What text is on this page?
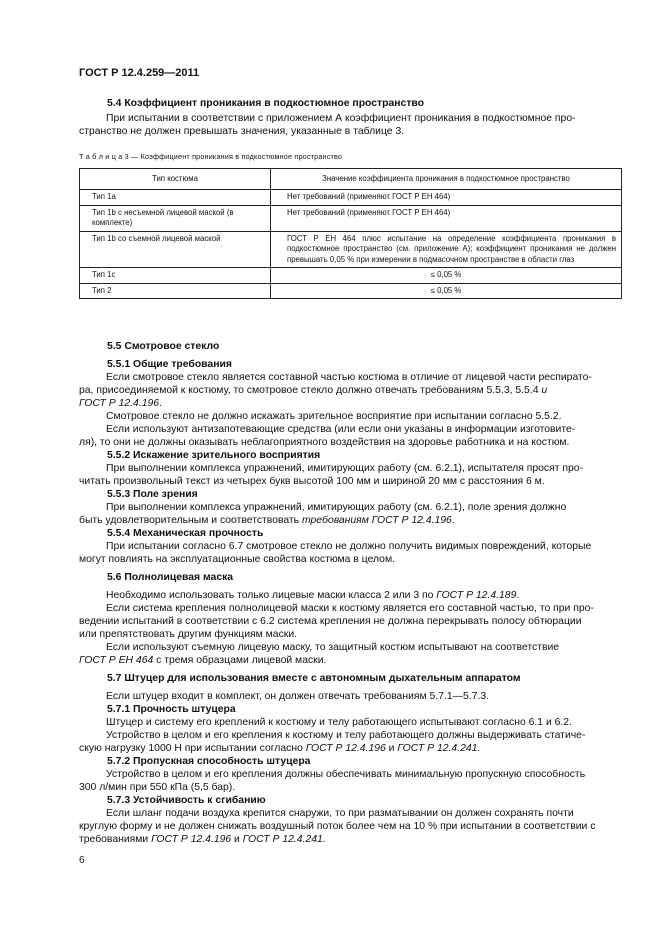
ГОСТ Р 12.4.259—2011
5.4 Коэффициент проникания в подкостюмное пространство
При испытании в соответствии с приложением А коэффициент проникания в подкостюмное про-
странство не должен превышать значения, указанные в таблице 3.
Т а б л и ц а 3 — Коэффициент проникания в подкостюмное пространство
Тип костюма	Значение коэффициента проникания в подкостюмное пространство
Тип 1а	Нет требований (применяют ГОСТ Р ЕН 464)
Тип 1b с несъемной лицевой маской (в комплекте)	Нет требований (применяют ГОСТ Р ЕН 464)
Тип 1b со съемной лицевой маской	ГОСТ Р ЕН 464 плюс испытание на определение коэффициента проникания в подкостюмное пространство (см. приложение А); коэффициент проникания не должен превышать 0,05 % при измерении в подмасочном пространстве в области глаз
Тип 1с	≤ 0,05 %
Тип 2	≤ 0,05 %
5.5 Смотровое стекло
5.5.1 Общие требования
Если смотровое стекло является составной частью костюма в отличие от лицевой части респирато-
ра, присоединяемой к костюму, то смотровое стекло должно отвечать требованиям 5.5.3, 5.5.4 и
ГОСТ Р 12.4.196.
Смотровое стекло не должно искажать зрительное восприятие при испытании согласно 5.5.2.
Если используют антизапотевающие средства (или если они указаны в информации изготовите-
ля), то они не должны оказывать неблагоприятного воздействия на здоровье работника и на костюм.
5.5.2 Искажение зрительного восприятия
При выполнении комплекса упражнений, имитирующих работу (см. 6.2.1), испытателя просят про-
читать произвольный текст из четырех букв высотой 100 мм и шириной 20 мм с расстояния 6 м.
5.5.3 Поле зрения
При выполнении комплекса упражнений, имитирующих работу (см. 6.2.1), поле зрения должно
быть удовлетворительным и соответствовать требованиям ГОСТ Р 12.4.196.
5.5.4 Механическая прочность
При испытании согласно 6.7 смотровое стекло не должно получить видимых повреждений, которые
могут повлиять на эксплуатационные свойства костюма в целом.
5.6 Полнолицевая маска
Необходимо использовать только лицевые маски класса 2 или 3 по ГОСТ Р 12.4.189.
Если система крепления полнолицевой маски к костюму является его составной частью, то при про-
ведении испытаний в соответствии с 6.2 система крепления не должна перекрывать полосу обтюрации
или препятствовать другим функциям маски.
Если используют съемную лицевую маску, то защитный костюм испытывают на соответствие
ГОСТ Р ЕН 464 с тремя образцами лицевой маски.
5.7 Штуцер для использования вместе с автономным дыхательным аппаратом
Если штуцер входит в комплект, он должен отвечать требованиям 5.7.1—5.7.3.
5.7.1 Прочность штуцера
Штуцер и систему его креплений к костюму и телу работающего испытывают согласно 6.1 и 6.2.
Устройство в целом и его крепления к костюму и телу работающего должны выдерживать статиче-
скую нагрузку 1000 Н при испытании согласно ГОСТ Р 12.4.196 и ГОСТ Р 12.4.241.
5.7.2 Пропускная способность штуцера
Устройство в целом и его крепления должны обеспечивать минимальную пропускную способность
300 л/мин при 550 кПа (5,5 бар).
5.7.3 Устойчивость к сгибанию
Если шланг подачи воздуха крепится снаружи, то при разматывании он должен сохранять почти
круглую форму и не должен снижать воздушный поток более чем на 10 % при испытании в соответствии с
требованиями ГОСТ Р 12.4.196 и ГОСТ Р 12.4.241.
6
